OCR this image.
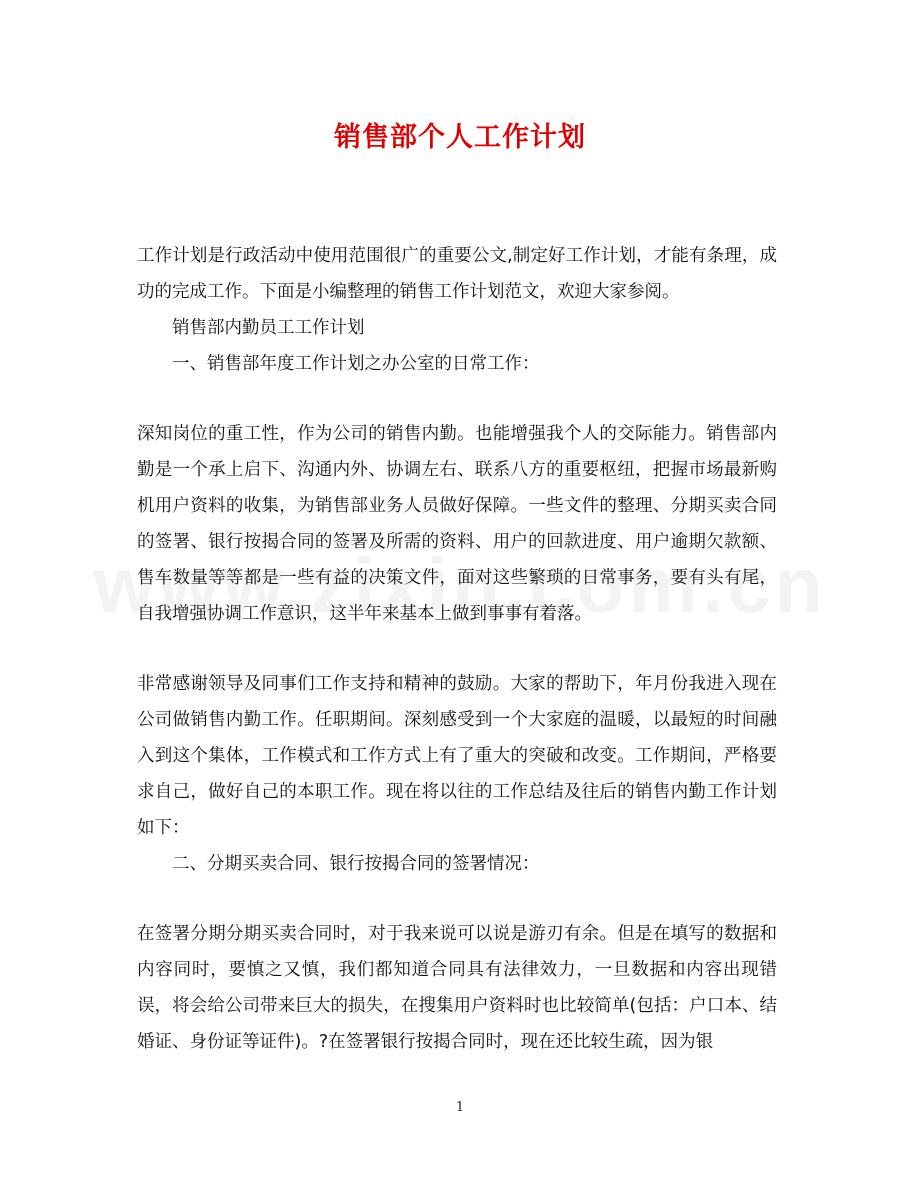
销售部个人工作计划

工作计划是行政活动中使用范围很广的重要公文,制定好工作计划，才能有条理，成功的完成工作。下面是小编整理的销售工作计划范文，欢迎大家参阅。

销售部内勤员工工作计划

一、销售部年度工作计划之办公室的日常工作：

深知岗位的重工性，作为公司的销售内勤。也能增强我个人的交际能力。销售部内勤是一个承上启下、沟通内外、协调左右、联系八方的重要枢纽，把握市场最新购机用户资料的收集，为销售部业务人员做好保障。一些文件的整理、分期买卖合同的签署、银行按揭合同的签署及所需的资料、用户的回款进度、用户逾期欠款额、售车数量等等都是一些有益的决策文件，面对这些繁琐的日常事务，要有头有尾，自我增强协调工作意识，这半年来基本上做到事事有着落。

非常感谢领导及同事们工作支持和精神的鼓励。大家的帮助下，年月份我进入现在公司做销售内勤工作。任职期间。深刻感受到一个大家庭的温暖，以最短的时间融入到这个集体，工作模式和工作方式上有了重大的突破和改变。工作期间，严格要求自己，做好自己的本职工作。现在将以往的工作总结及往后的销售内勤工作计划如下：

二、分期买卖合同、银行按揭合同的签署情况：

在签署分期分期买卖合同时，对于我来说可以说是游刃有余。但是在填写的数据和内容同时，要慎之又慎，我们都知道合同具有法律效力，一旦数据和内容出现错误，将会给公司带来巨大的损失，在搜集用户资料时也比较简单(包括：户口本、结婚证、身份证等证件)。?在签署银行按揭合同时，现在还比较生疏，因为银

1
